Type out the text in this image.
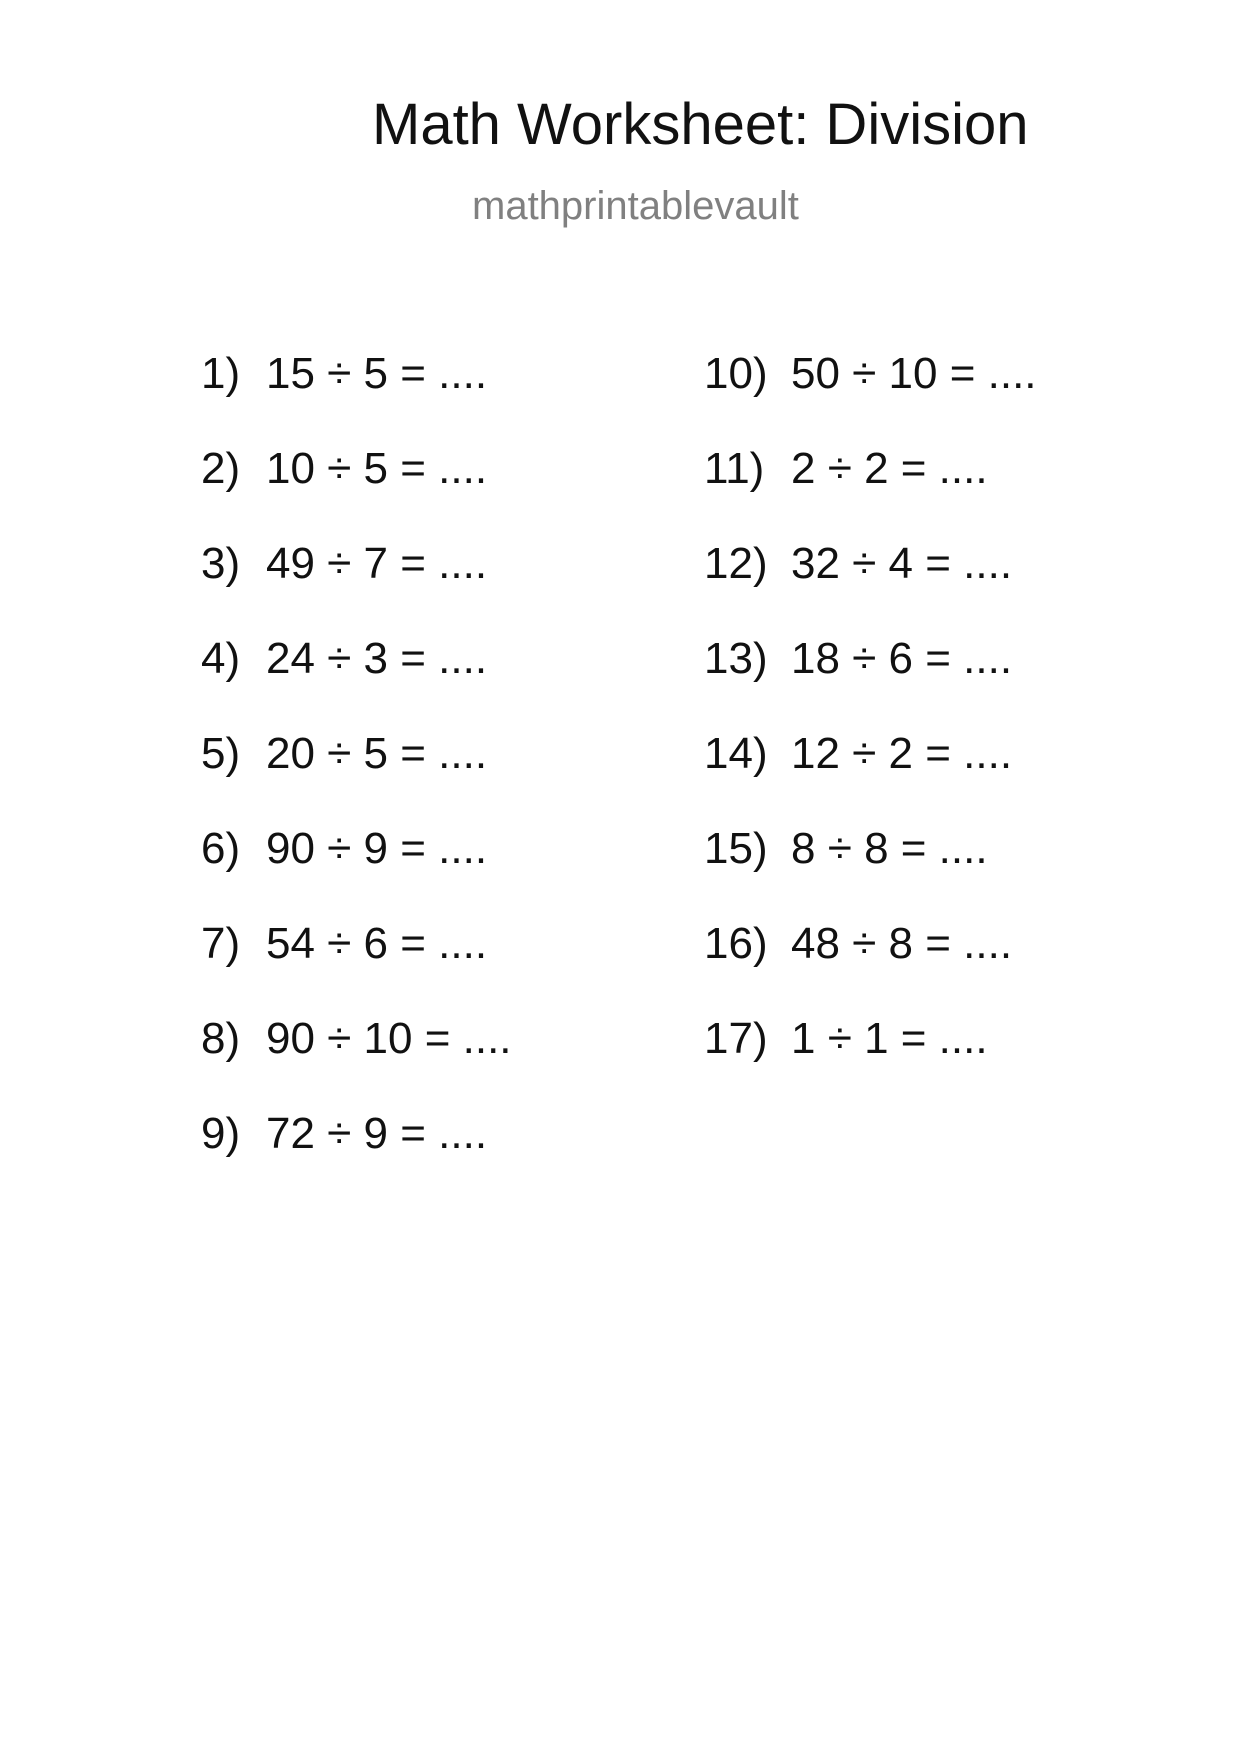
Math Worksheet: Division
mathprintablevault
1) 15 ÷ 5 = ....
2) 10 ÷ 5 = ....
3) 49 ÷ 7 = ....
4) 24 ÷ 3 = ....
5) 20 ÷ 5 = ....
6) 90 ÷ 9 = ....
7) 54 ÷ 6 = ....
8) 90 ÷ 10 = ....
9) 72 ÷ 9 = ....
10) 50 ÷ 10 = ....
11) 2 ÷ 2 = ....
12) 32 ÷ 4 = ....
13) 18 ÷ 6 = ....
14) 12 ÷ 2 = ....
15) 8 ÷ 8 = ....
16) 48 ÷ 8 = ....
17) 1 ÷ 1 = ....
